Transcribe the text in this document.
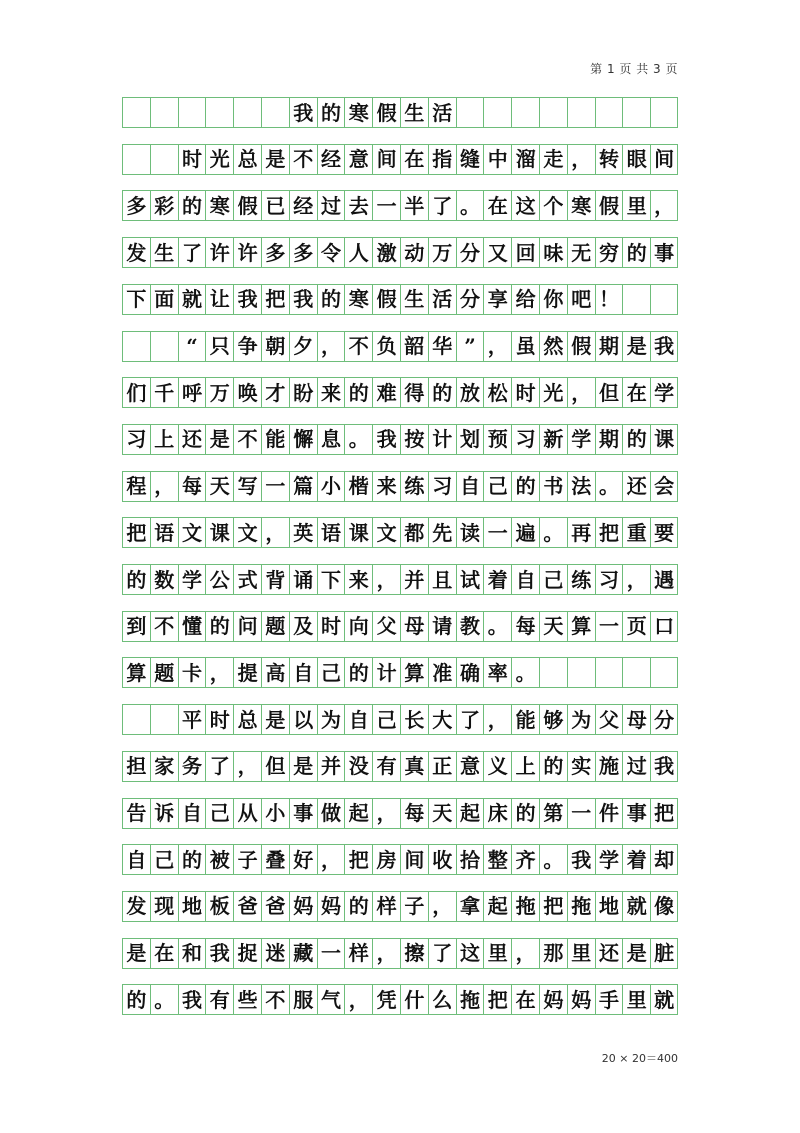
第 1 页 共 3 页
我 的 寒 假 生 活
时 光 总 是 不 经 意 间 在 指 缝 中 溜 走 ， 转 眼 间
多 彩 的 寒 假 已 经 过 去 一 半 了 。 在 这 个 寒 假 里 ，
发 生 了 许 许 多 多 令 人 激 动 万 分 又 回 味 无 穷 的 事
下 面 就 让 我 把 我 的 寒 假 生 活 分 享 给 你 吧 ！
“ 只 争 朝 夕 ， 不 负 韶 华 ” ， 虽 然 假 期 是 我
们 千 呼 万 唤 才 盼 来 的 难 得 的 放 松 时 光 ， 但 在 学
习 上 还 是 不 能 懈 息 。 我 按 计 划 预 习 新 学 期 的 课
程 ， 每 天 写 一 篇 小 楷 来 练 习 自 己 的 书 法 。 还 会
把 语 文 课 文 ， 英 语 课 文 都 先 读 一 遍 。 再 把 重 要
的 数 学 公 式 背 诵 下 来 ， 并 且 试 着 自 己 练 习 ， 遇
到 不 懂 的 问 题 及 时 向 父 母 请 教 。 每 天 算 一 页 口
算 题 卡 ， 提 高 自 己 的 计 算 准 确 率 。
平 时 总 是 以 为 自 己 长 大 了 ， 能 够 为 父 母 分
担 家 务 了 ， 但 是 并 没 有 真 正 意 义 上 的 实 施 过 我
告 诉 自 己 从 小 事 做 起 ， 每 天 起 床 的 第 一 件 事 把
自 己 的 被 子 叠 好 ， 把 房 间 收 拾 整 齐 。 我 学 着 却
发 现 地 板 爸 爸 妈 妈 的 样 子 ， 拿 起 拖 把 拖 地 就 像
是 在 和 我 捉 迷 藏 一 样 ， 擦 了 这 里 ， 那 里 还 是 脏
的 。 我 有 些 不 服 气 ， 凭 什 么 拖 把 在 妈 妈 手 里 就
20 × 20＝400
